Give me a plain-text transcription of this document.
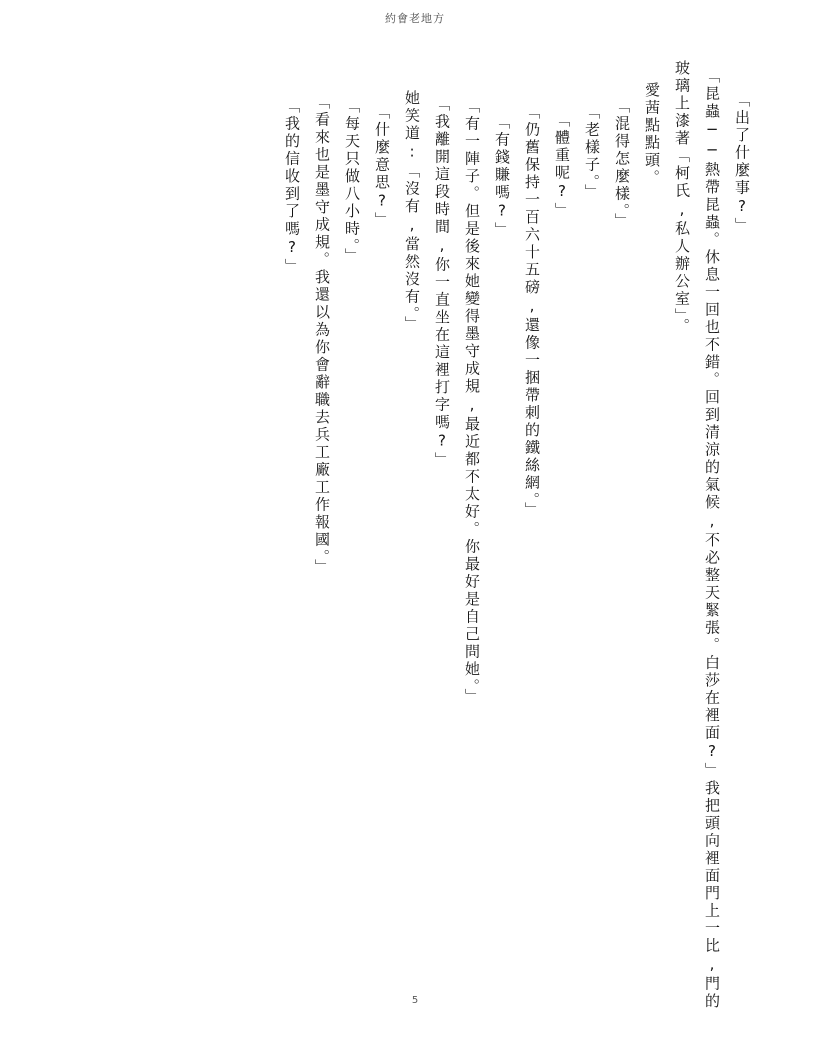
約會老地方
「出了什麼事?」
「昆蟲──熱帶昆蟲。休息一回也不錯。回到清涼的氣候,不必整天緊張。白莎在裡面?」我把頭向裡面門上一比,門的
玻璃上漆著「柯氏,私人辦公室」。
愛茜點點頭。
「混得怎麼樣。」
「老樣子。」
「體重呢?」
「仍舊保持一百六十五磅,還像一捆帶刺的鐵絲網。」
「有錢賺嗎?」
「有一陣子。但是後來她變得墨守成規,最近都不太好。你最好是自己問她。」
「我離開這段時間,你一直坐在這裡打字嗎?」
她笑道:「沒有,當然沒有。」
「什麼意思?」
「每天只做八小時。」
「看來也是墨守成規。我還以為你會辭職去兵工廠工作報國。」
「我的信收到了嗎?」
5
